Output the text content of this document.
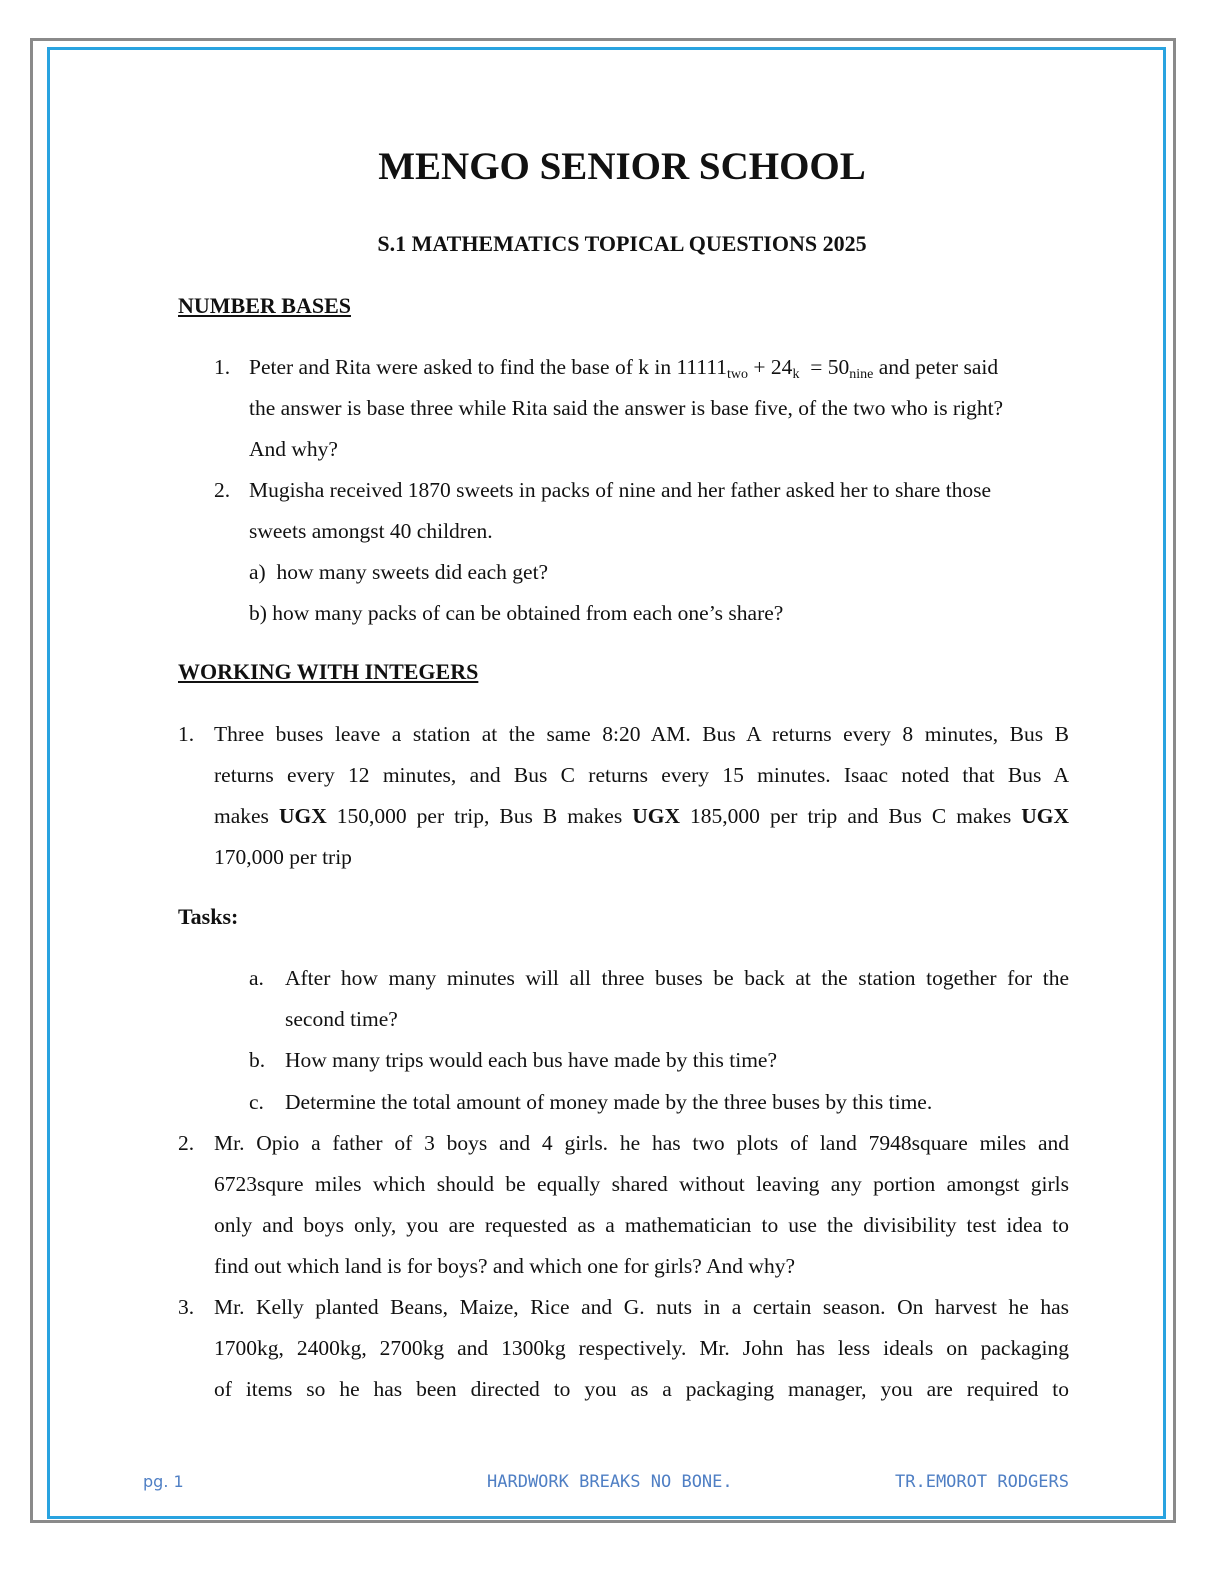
MENGO SENIOR SCHOOL
S.1 MATHEMATICS TOPICAL QUESTIONS 2025
NUMBER BASES
1. Peter and Rita were asked to find the base of k in $11111_{two} + 24_k = 50_{nine}$ and peter said
the answer is base three while Rita said the answer is base five, of the two who is right?
And why?
2. Mugisha received 1870 sweets in packs of nine and her father asked her to share those
sweets amongst 40 children.
a)  how many sweets did each get?
b) how many packs of can be obtained from each one’s share?
WORKING WITH INTEGERS
1. Three buses leave a station at the same 8:20 AM. Bus A returns every 8 minutes, Bus B
returns every 12 minutes, and Bus C returns every 15 minutes. Isaac noted that Bus A
makes UGX 150,000 per trip, Bus B makes UGX 185,000 per trip and Bus C makes UGX
170,000 per trip
Tasks:
a. After how many minutes will all three buses be back at the station together for the
second time?
b. How many trips would each bus have made by this time?
c. Determine the total amount of money made by the three buses by this time.
2. Mr. Opio a father of 3 boys and 4 girls. he has two plots of land 7948square miles and
6723squre miles which should be equally shared without leaving any portion amongst girls
only and boys only, you are requested as a mathematician to use the divisibility test idea to
find out which land is for boys? and which one for girls? And why?
3. Mr. Kelly planted Beans, Maize, Rice and G. nuts in a certain season. On harvest he has
1700kg, 2400kg, 2700kg and 1300kg respectively. Mr. John has less ideals on packaging
of items so he has been directed to you as a packaging manager, you are required to
pg. 1	HARDWORK BREAKS NO BONE.	TR.EMOROT RODGERS
